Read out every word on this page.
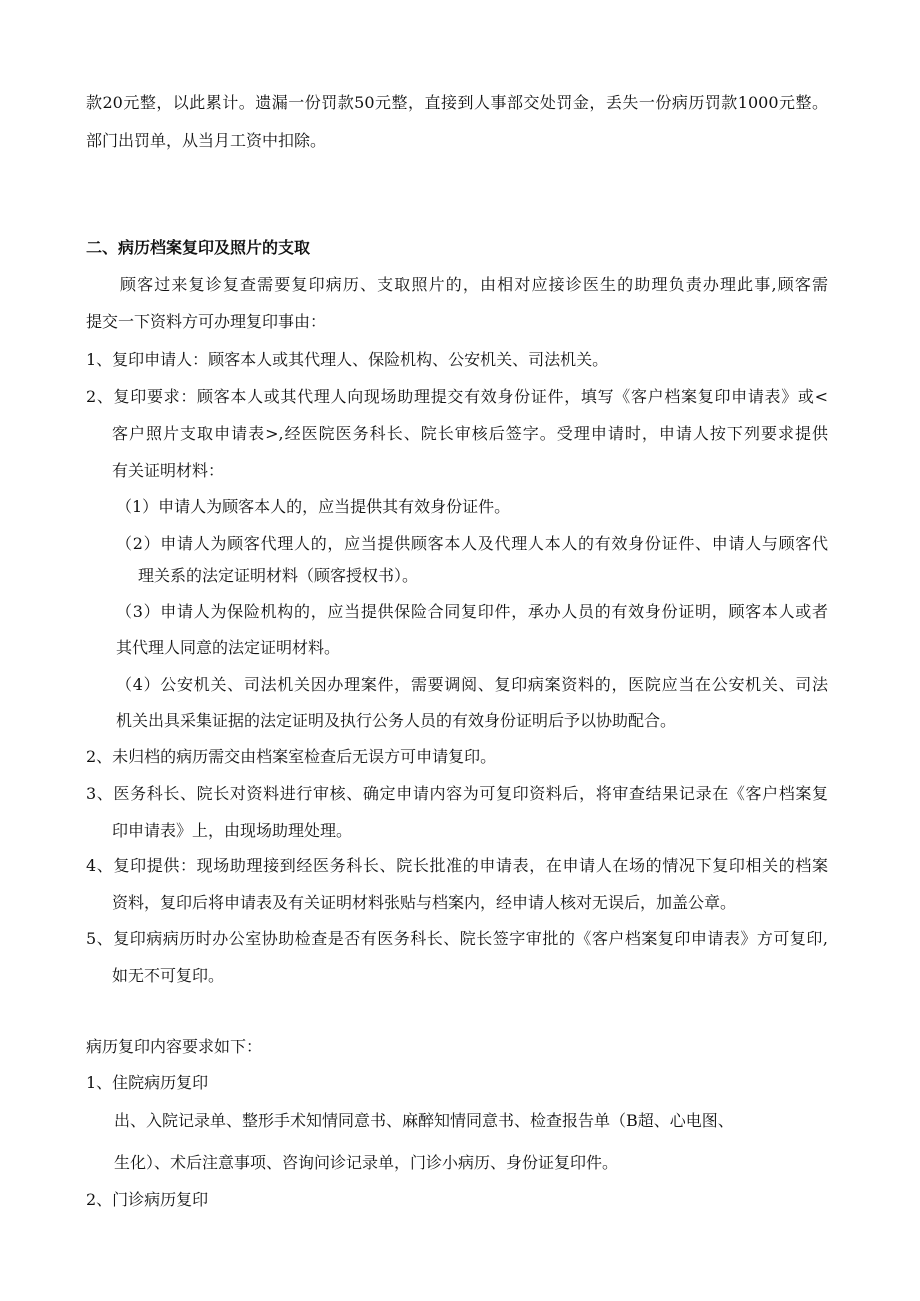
款20元整，以此累计。遗漏一份罚款50元整，直接到人事部交处罚金，丢失一份病历罚款1000元整。
部门出罚单，从当月工资中扣除。
二、病历档案复印及照片的支取
顾客过来复诊复查需要复印病历、支取照片的，由相对应接诊医生的助理负责办理此事,顾客需
提交一下资料方可办理复印事由：
1、复印申请人：顾客本人或其代理人、保险机构、公安机关、司法机关。
2、复印要求：顾客本人或其代理人向现场助理提交有效身份证件，填写《客户档案复印申请表》或<
客户照片支取申请表>,经医院医务科长、院长审核后签字。受理申请时，申请人按下列要求提供
有关证明材料：
（1）申请人为顾客本人的，应当提供其有效身份证件。
（2）申请人为顾客代理人的，应当提供顾客本人及代理人本人的有效身份证件、申请人与顾客代
理关系的法定证明材料（顾客授权书）。
（3）申请人为保险机构的，应当提供保险合同复印件，承办人员的有效身份证明，顾客本人或者
其代理人同意的法定证明材料。
（4）公安机关、司法机关因办理案件，需要调阅、复印病案资料的，医院应当在公安机关、司法
机关出具采集证据的法定证明及执行公务人员的有效身份证明后予以协助配合。
2、未归档的病历需交由档案室检查后无误方可申请复印。
3、医务科长、院长对资料进行审核、确定申请内容为可复印资料后，将审查结果记录在《客户档案复
印申请表》上，由现场助理处理。
4、复印提供：现场助理接到经医务科长、院长批准的申请表，在申请人在场的情况下复印相关的档案
资料，复印后将申请表及有关证明材料张贴与档案内，经申请人核对无误后，加盖公章。
5、复印病病历时办公室协助检查是否有医务科长、院长签字审批的《客户档案复印申请表》方可复印,
如无不可复印。
病历复印内容要求如下：
1、住院病历复印
出、入院记录单、整形手术知情同意书、麻醉知情同意书、检查报告单（B超、心电图、
生化）、术后注意事项、咨询问诊记录单，门诊小病历、身份证复印件。
2、门诊病历复印
